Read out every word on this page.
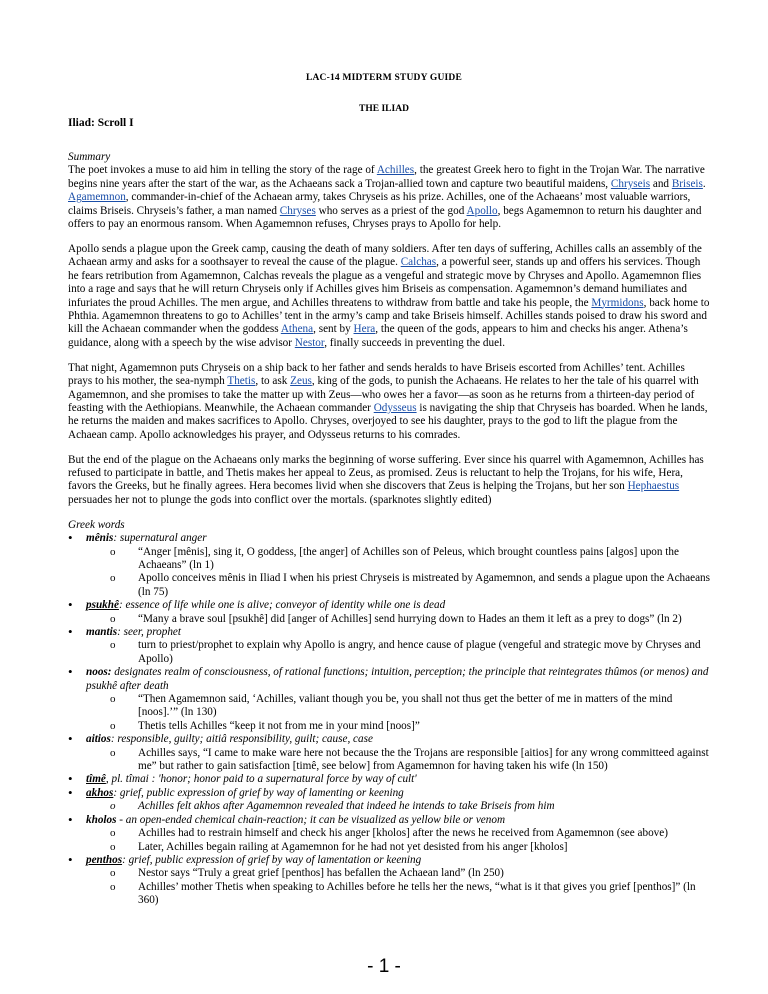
LAC-14 MIDTERM STUDY GUIDE
THE ILIAD
Iliad: Scroll I
Summary

The poet invokes a muse to aid him in telling the story of the rage of Achilles, the greatest Greek hero to fight in the Trojan War. The narrative begins nine years after the start of the war, as the Achaeans sack a Trojan-allied town and capture two beautiful maidens, Chryseis and Briseis. Agamemnon, commander-in-chief of the Achaean army, takes Chryseis as his prize. Achilles, one of the Achaeans’ most valuable warriors, claims Briseis. Chryseis’s father, a man named Chryses who serves as a priest of the god Apollo, begs Agamemnon to return his daughter and offers to pay an enormous ransom. When Agamemnon refuses, Chryses prays to Apollo for help.

Apollo sends a plague upon the Greek camp, causing the death of many soldiers. After ten days of suffering, Achilles calls an assembly of the Achaean army and asks for a soothsayer to reveal the cause of the plague. Calchas, a powerful seer, stands up and offers his services. Though he fears retribution from Agamemnon, Calchas reveals the plague as a vengeful and strategic move by Chryses and Apollo. Agamemnon flies into a rage and says that he will return Chryseis only if Achilles gives him Briseis as compensation. Agamemnon’s demand humiliates and infuriates the proud Achilles. The men argue, and Achilles threatens to withdraw from battle and take his people, the Myrmidons, back home to Phthia. Agamemnon threatens to go to Achilles’ tent in the army’s camp and take Briseis himself. Achilles stands poised to draw his sword and kill the Achaean commander when the goddess Athena, sent by Hera, the queen of the gods, appears to him and checks his anger. Athena’s guidance, along with a speech by the wise advisor Nestor, finally succeeds in preventing the duel.

That night, Agamemnon puts Chryseis on a ship back to her father and sends heralds to have Briseis escorted from Achilles’ tent. Achilles prays to his mother, the sea-nymph Thetis, to ask Zeus, king of the gods, to punish the Achaeans. He relates to her the tale of his quarrel with Agamemnon, and she promises to take the matter up with Zeus—who owes her a favor—as soon as he returns from a thirteen-day period of feasting with the Aethiopians. Meanwhile, the Achaean commander Odysseus is navigating the ship that Chryseis has boarded. When he lands, he returns the maiden and makes sacrifices to Apollo. Chryses, overjoyed to see his daughter, prays to the god to lift the plague from the Achaean camp. Apollo acknowledges his prayer, and Odysseus returns to his comrades.

But the end of the plague on the Achaeans only marks the beginning of worse suffering. Ever since his quarrel with Agamemnon, Achilles has refused to participate in battle, and Thetis makes her appeal to Zeus, as promised. Zeus is reluctant to help the Trojans, for his wife, Hera, favors the Greeks, but he finally agrees. Hera becomes livid when she discovers that Zeus is helping the Trojans, but her son Hephaestus persuades her not to plunge the gods into conflict over the mortals. (sparknotes slightly edited)

Greek words
• mênis: supernatural anger
o “Anger [mênis], sing it, O goddess, [the anger] of Achilles son of Peleus, which brought countless pains [algos] upon the Achaeans” (ln 1)
o Apollo conceives mênis in Iliad I when his priest Chryseis is mistreated by Agamemnon, and sends a plague upon the Achaeans (ln 75)
• psukhê: essence of life while one is alive; conveyor of identity while one is dead
o “Many a brave soul [psukhê] did [anger of Achilles] send hurrying down to Hades an them it left as a prey to dogs” (ln 2)
• mantis: seer, prophet
o turn to priest/prophet to explain why Apollo is angry, and hence cause of plague (vengeful and strategic move by Chryses and Apollo)
• noos: designates realm of consciousness, of rational functions; intuition, perception; the principle that reintegrates thûmos (or menos) and psukhê after death
o “Then Agamemnon said, ‘Achilles, valiant though you be, you shall not thus get the better of me in matters of the mind [noos].’” (ln 130)
o Thetis tells Achilles “keep it not from me in your mind [noos]”
• aitios: responsible, guilty; aitiâ responsibility, guilt; cause, case
o Achilles says, “I came to make ware here not because the the Trojans are responsible [aitios] for any wrong committeed against me” but rather to gain satisfaction [timê, see below] from Agamemnon for having taken his wife (ln 150)
• tîmê, pl. tîmai : 'honor; honor paid to a supernatural force by way of cult'
• akhos: grief, public expression of grief by way of lamenting or keening
o Achilles felt akhos after Agamemnon revealed that indeed he intends to take Briseis from him
• kholos - an open-ended chemical chain-reaction; it can be visualized as yellow bile or venom
o Achilles had to restrain himself and check his anger [kholos] after the news he received from Agamemnon (see above)
o Later, Achilles begain railing at Agamemnon for he had not yet desisted from his anger [kholos]
• penthos: grief, public expression of grief by way of lamentation or keening
o Nestor says “Truly a great grief [penthos] has befallen the Achaean land” (ln 250)
o Achilles’ mother Thetis when speaking to Achilles before he tells her the news, “what is it that gives you grief [penthos]” (ln 360)
- 1 -
